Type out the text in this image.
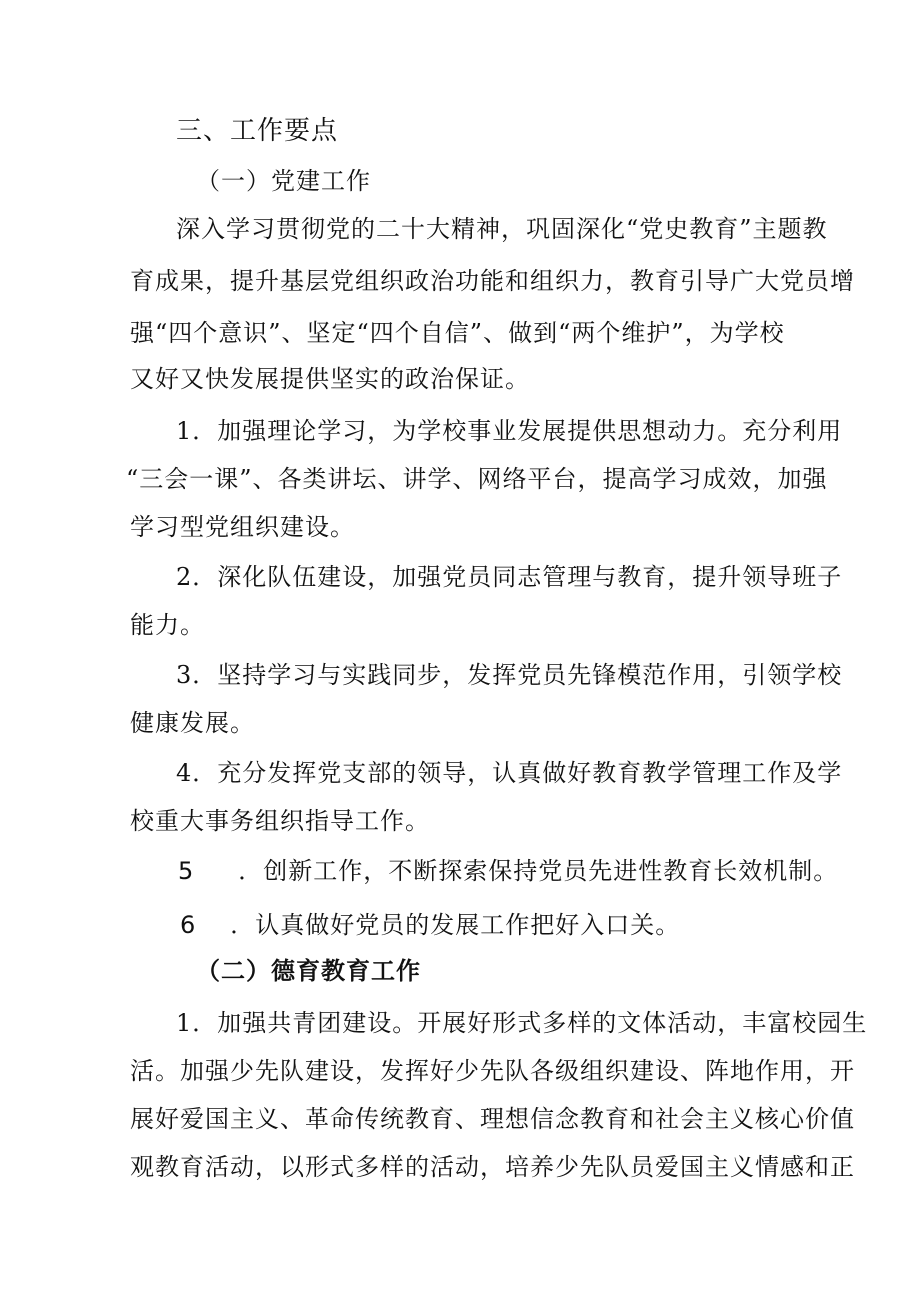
三、工作要点
（一）党建工作
深入学习贯彻党的二十大精神，巩固深化“党史教育”主题教
育成果，提升基层党组织政治功能和组织力，教育引导广大党员增
强“四个意识”、坚定“四个自信”、做到“两个维护”，为学校
又好又快发展提供坚实的政治保证。
1．加强理论学习，为学校事业发展提供思想动力。充分利用
“三会一课”、各类讲坛、讲学、网络平台，提高学习成效，加强
学习型党组织建设。
2．深化队伍建设，加强党员同志管理与教育，提升领导班子
能力。
3．坚持学习与实践同步，发挥党员先锋模范作用，引领学校
健康发展。
4．充分发挥党支部的领导，认真做好教育教学管理工作及学
校重大事务组织指导工作。
5 ．创新工作，不断探索保持党员先进性教育长效机制。
6 ．认真做好党员的发展工作把好入口关。
（二）德育教育工作
1．加强共青团建设。开展好形式多样的文体活动，丰富校园生
活。加强少先队建设，发挥好少先队各级组织建设、阵地作用，开
展好爱国主义、革命传统教育、理想信念教育和社会主义核心价值
观教育活动，以形式多样的活动，培养少先队员爱国主义情感和正
